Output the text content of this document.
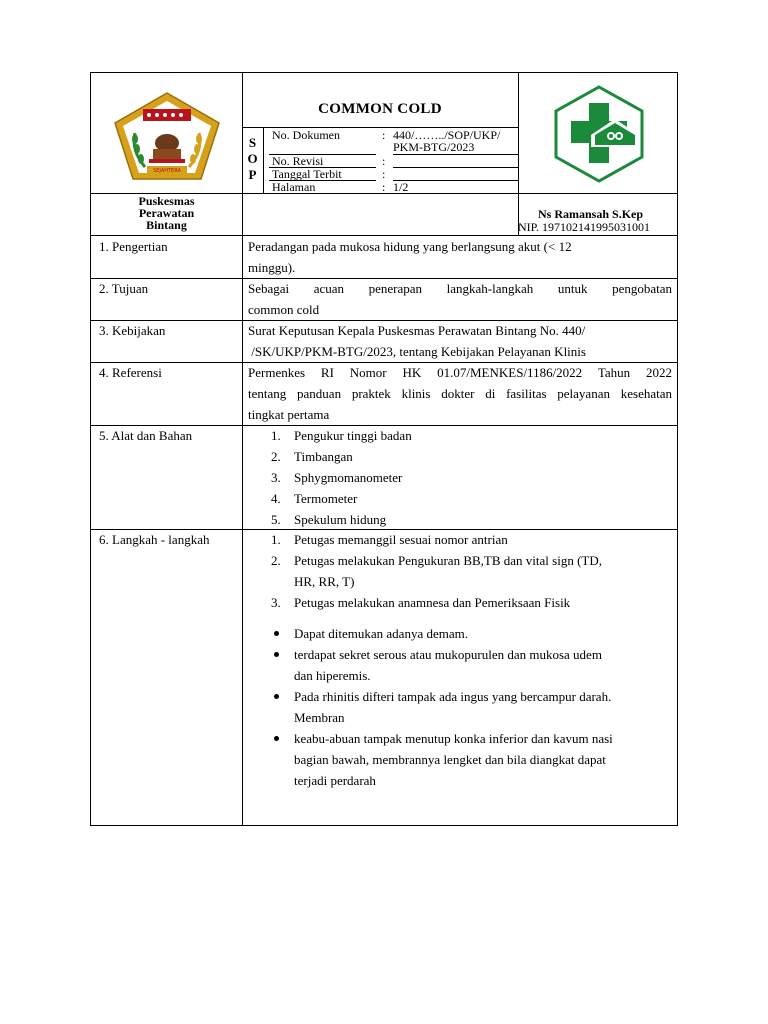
SEJAHTERA
COMMON COLD
S
O
P
No. Dokumen	: 440/……../SOP/UKP/
PKM-BTG/2023
No. Revisi	:
Tanggal Terbit	:
Halaman	: 1/2
Puskesmas
Perawatan
Bintang
Ns Ramansah S.Kep
NIP. 197102141995031001
1. Pengertian	Peradangan pada mukosa hidung yang berlangsung akut (< 12
minggu).
2. Tujuan	Sebagai acuan penerapan langkah-langkah untuk pengobatan
common cold
3. Kebijakan	Surat Keputusan Kepala Puskesmas Perawatan Bintang No. 440/
/SK/UKP/PKM-BTG/2023, tentang Kebijakan Pelayanan Klinis
4. Referensi	Permenkes RI Nomor HK 01.07/MENKES/1186/2022 Tahun 2022
tentang panduan praktek klinis dokter di fasilitas pelayanan kesehatan
tingkat pertama
5. Alat dan Bahan	1. Pengukur tinggi badan
2. Timbangan
3. Sphygmomanometer
4. Termometer
5. Spekulum hidung
6. Langkah - langkah	1. Petugas memanggil sesuai nomor antrian
2. Petugas melakukan Pengukuran BB,TB dan vital sign (TD,
HR, RR, T)
3. Petugas melakukan anamnesa dan Pemeriksaan Fisik
Dapat ditemukan adanya demam.
terdapat sekret serous atau mukopurulen dan mukosa udem
dan hiperemis.
Pada rhinitis difteri tampak ada ingus yang bercampur darah.
Membran
keabu-abuan tampak menutup konka inferior dan kavum nasi
bagian bawah, membrannya lengket dan bila diangkat dapat
terjadi perdarah
